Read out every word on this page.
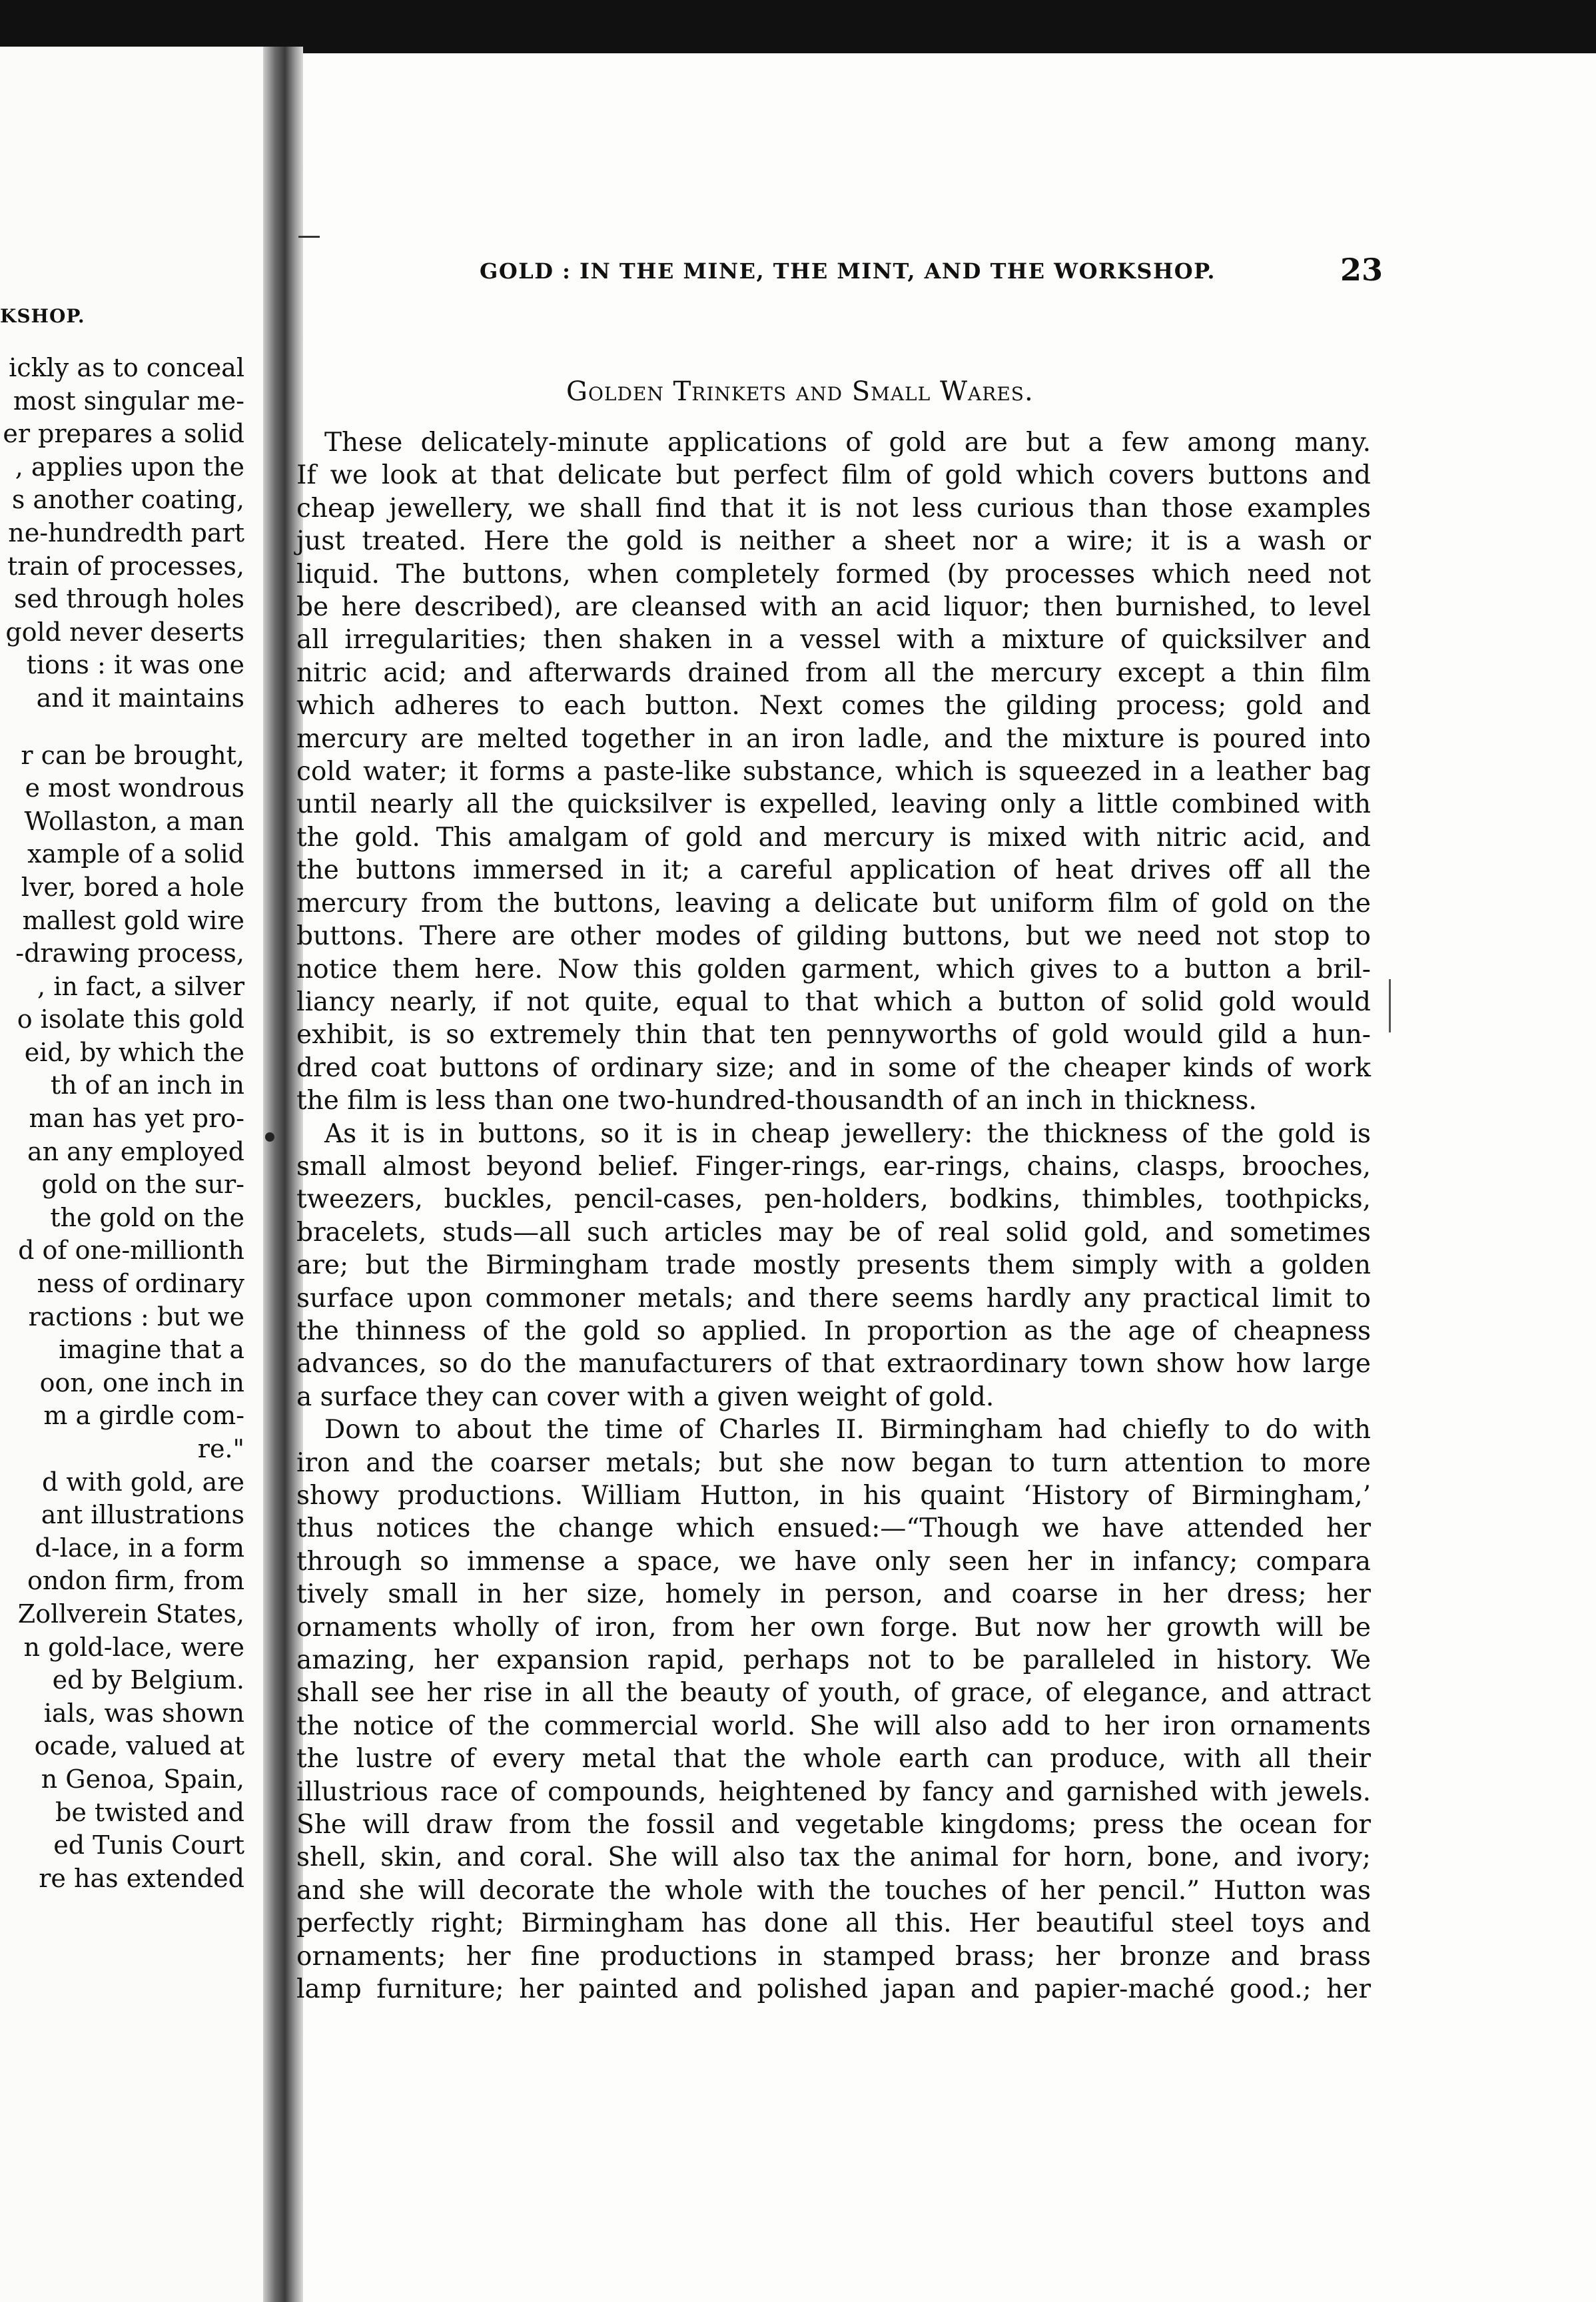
KSHOP.
ickly as to conceal
most singular me-
er prepares a solid
, applies upon the
s another coating,
ne-hundredth part
train of processes,
sed through holes
gold never deserts
tions : it was one
and it maintains
r can be brought,
e most wondrous
Wollaston, a man
xample of a solid
lver, bored a hole
mallest gold wire
-drawing process,
, in fact, a silver
o isolate this gold
eid, by which the
th of an inch in
man has yet pro-
an any employed
gold on the sur-
the gold on the
d of one-millionth
ness of ordinary
ractions : but we
imagine that a
oon, one inch in
m a girdle com-
re."
d with gold, are
ant illustrations
d-lace, in a form
ondon firm, from
Zollverein States,
n gold-lace, were
ed by Belgium.
ials, was shown
ocade, valued at
n Genoa, Spain,
be twisted and
ed Tunis Court
re has extended
GOLD : IN THE MINE, THE MINT, AND THE WORKSHOP.	23
Golden Trinkets and Small Wares.
These delicately-minute applications of gold are but a few among many.
If we look at that delicate but perfect film of gold which covers buttons and
cheap jewellery, we shall find that it is not less curious than those examples
just treated. Here the gold is neither a sheet nor a wire; it is a wash or
liquid. The buttons, when completely formed (by processes which need not
be here described), are cleansed with an acid liquor; then burnished, to level
all irregularities; then shaken in a vessel with a mixture of quicksilver and
nitric acid; and afterwards drained from all the mercury except a thin film
which adheres to each button. Next comes the gilding process; gold and
mercury are melted together in an iron ladle, and the mixture is poured into
cold water; it forms a paste-like substance, which is squeezed in a leather bag
until nearly all the quicksilver is expelled, leaving only a little combined with
the gold. This amalgam of gold and mercury is mixed with nitric acid, and
the buttons immersed in it; a careful application of heat drives off all the
mercury from the buttons, leaving a delicate but uniform film of gold on the
buttons. There are other modes of gilding buttons, but we need not stop to
notice them here. Now this golden garment, which gives to a button a bril-
liancy nearly, if not quite, equal to that which a button of solid gold would
exhibit, is so extremely thin that ten pennyworths of gold would gild a hun-
dred coat buttons of ordinary size; and in some of the cheaper kinds of work
the film is less than one two-hundred-thousandth of an inch in thickness.
As it is in buttons, so it is in cheap jewellery: the thickness of the gold is
small almost beyond belief. Finger-rings, ear-rings, chains, clasps, brooches,
tweezers, buckles, pencil-cases, pen-holders, bodkins, thimbles, toothpicks,
bracelets, studs—all such articles may be of real solid gold, and sometimes
are; but the Birmingham trade mostly presents them simply with a golden
surface upon commoner metals; and there seems hardly any practical limit to
the thinness of the gold so applied. In proportion as the age of cheapness
advances, so do the manufacturers of that extraordinary town show how large
a surface they can cover with a given weight of gold.
Down to about the time of Charles II. Birmingham had chiefly to do with
iron and the coarser metals; but she now began to turn attention to more
showy productions. William Hutton, in his quaint ‘History of Birmingham,’
thus notices the change which ensued:—“Though we have attended her
through so immense a space, we have only seen her in infancy; compara
tively small in her size, homely in person, and coarse in her dress; her
ornaments wholly of iron, from her own forge. But now her growth will be
amazing, her expansion rapid, perhaps not to be paralleled in history. We
shall see her rise in all the beauty of youth, of grace, of elegance, and attract
the notice of the commercial world. She will also add to her iron ornaments
the lustre of every metal that the whole earth can produce, with all their
illustrious race of compounds, heightened by fancy and garnished with jewels.
She will draw from the fossil and vegetable kingdoms; press the ocean for
shell, skin, and coral. She will also tax the animal for horn, bone, and ivory;
and she will decorate the whole with the touches of her pencil.” Hutton was
perfectly right; Birmingham has done all this. Her beautiful steel toys and
ornaments; her fine productions in stamped brass; her bronze and brass
lamp furniture; her painted and polished japan and papier-maché good.; her
